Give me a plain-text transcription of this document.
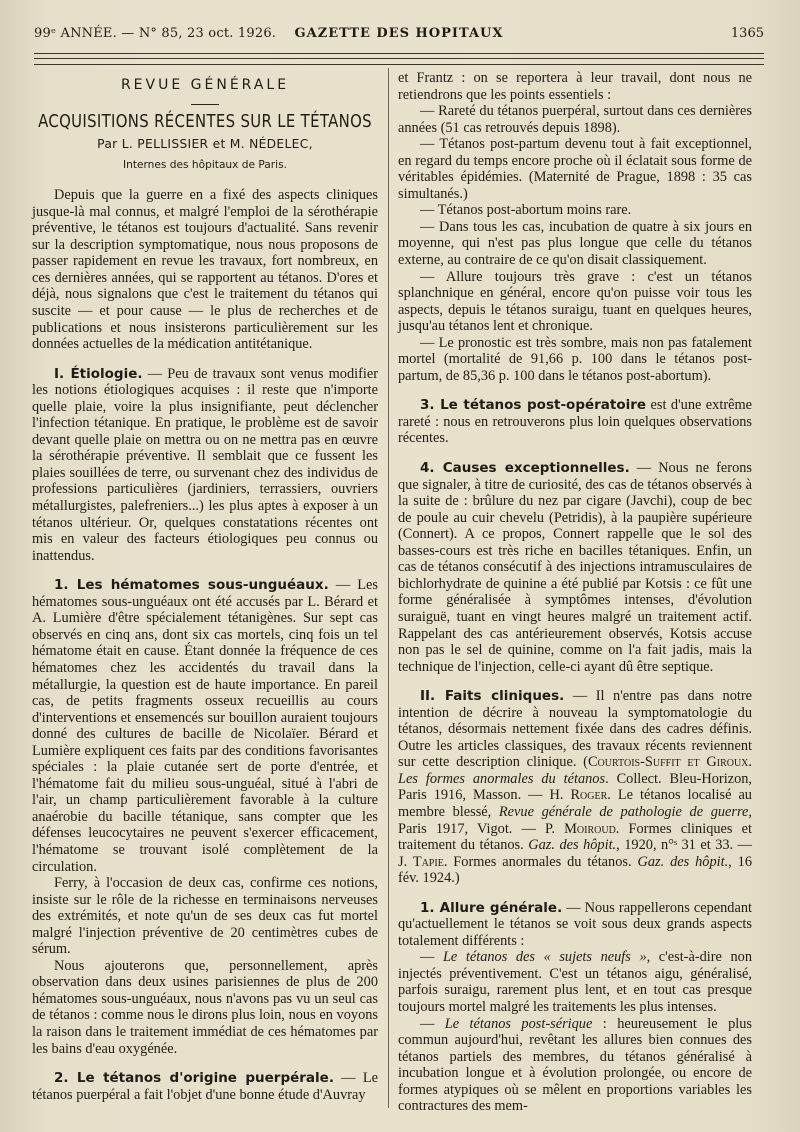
99ᵉ ANNÉE. — N° 85, 23 oct. 1926.	GAZETTE DES HOPITAUX	1365
REVUE GÉNÉRALE
ACQUISITIONS RÉCENTES SUR LE TÉTANOS
Par L. PELLISSIER et M. NÉDELEC,
Internes des hôpitaux de Paris.

Depuis que la guerre en a fixé des aspects cliniques jusque-là mal connus, et malgré l'emploi de la sérothérapie préventive, le tétanos est toujours d'actualité. Sans revenir sur la description symptomatique, nous nous proposons de passer rapidement en revue les travaux, fort nombreux, en ces dernières années, qui se rapportent au tétanos. D'ores et déjà, nous signalons que c'est le traitement du tétanos qui suscite — et pour cause — le plus de recherches et de publications et nous insisterons particulièrement sur les données actuelles de la médication antitétanique.

I. Étiologie. — Peu de travaux sont venus modifier les notions étiologiques acquises : il reste que n'importe quelle plaie, voire la plus insignifiante, peut déclencher l'infection tétanique. En pratique, le problème est de savoir devant quelle plaie on mettra ou on ne mettra pas en œuvre la sérothérapie préventive. Il semblait que ce fussent les plaies souillées de terre, ou survenant chez des individus de professions particulières (jardiniers, terrassiers, ouvriers métallurgistes, palefreniers...) les plus aptes à exposer à un tétanos ultérieur. Or, quelques constatations récentes ont mis en valeur des facteurs étiologiques peu connus ou inattendus.

1. Les hématomes sous-unguéaux. — Les hématomes sous-unguéaux ont été accusés par L. Bérard et A. Lumière d'être spécialement tétanigènes. Sur sept cas observés en cinq ans, dont six cas mortels, cinq fois un tel hématome était en cause. Étant donnée la fréquence de ces hématomes chez les accidentés du travail dans la métallurgie, la question est de haute importance. En pareil cas, de petits fragments osseux recueillis au cours d'interventions et ensemencés sur bouillon auraient toujours donné des cultures de bacille de Nicolaïer. Bérard et Lumière expliquent ces faits par des conditions favorisantes spéciales : la plaie cutanée sert de porte d'entrée, et l'hématome fait du milieu sous-unguéal, situé à l'abri de l'air, un champ particulièrement favorable à la culture anaérobie du bacille tétanique, sans compter que les défenses leucocytaires ne peuvent s'exercer efficacement, l'hématome se trouvant isolé complètement de la circulation.

Ferry, à l'occasion de deux cas, confirme ces notions, insiste sur le rôle de la richesse en terminaisons nerveuses des extrémités, et note qu'un de ses deux cas fut mortel malgré l'injection préventive de 20 centimètres cubes de sérum.

Nous ajouterons que, personnellement, après observation dans deux usines parisiennes de plus de 200 hématomes sous-unguéaux, nous n'avons pas vu un seul cas de tétanos : comme nous le dirons plus loin, nous en voyons la raison dans le traitement immédiat de ces hématomes par les bains d'eau oxygénée.

2. Le tétanos d'origine puerpérale. — Le tétanos puerpéral a fait l'objet d'une bonne étude d'Auvray

et Frantz : on se reportera à leur travail, dont nous ne retiendrons que les points essentiels :

— Rareté du tétanos puerpéral, surtout dans ces dernières années (51 cas retrouvés depuis 1898).

— Tétanos post-partum devenu tout à fait exceptionnel, en regard du temps encore proche où il éclatait sous forme de véritables épidémies. (Maternité de Prague, 1898 : 35 cas simultanés.)

— Tétanos post-abortum moins rare.

— Dans tous les cas, incubation de quatre à six jours en moyenne, qui n'est pas plus longue que celle du tétanos externe, au contraire de ce qu'on disait classiquement.

— Allure toujours très grave : c'est un tétanos splanchnique en général, encore qu'on puisse voir tous les aspects, depuis le tétanos suraigu, tuant en quelques heures, jusqu'au tétanos lent et chronique.

— Le pronostic est très sombre, mais non pas fatalement mortel (mortalité de 91,66 p. 100 dans le tétanos post-partum, de 85,36 p. 100 dans le tétanos post-abortum).

3. Le tétanos post-opératoire est d'une extrême rareté : nous en retrouverons plus loin quelques observations récentes.

4. Causes exceptionnelles. — Nous ne ferons que signaler, à titre de curiosité, des cas de tétanos observés à la suite de : brûlure du nez par cigare (Javchi), coup de bec de poule au cuir chevelu (Petridis), à la paupière supérieure (Connert). A ce propos, Connert rappelle que le sol des basses-cours est très riche en bacilles tétaniques. Enfin, un cas de tétanos consécutif à des injections intramusculaires de bichlorhydrate de quinine a été publié par Kotsis : ce fût une forme généralisée à symptômes intenses, d'évolution suraiguë, tuant en vingt heures malgré un traitement actif. Rappelant des cas antérieurement observés, Kotsis accuse non pas le sel de quinine, comme on l'a fait jadis, mais la technique de l'injection, celle-ci ayant dû être septique.

II. Faits cliniques. — Il n'entre pas dans notre intention de décrire à nouveau la symptomatologie du tétanos, désormais nettement fixée dans des cadres définis. Outre les articles classiques, des travaux récents reviennent sur cette description clinique. (Courtois-Suffit et Giroux. Les formes anormales du tétanos. Collect. Bleu-Horizon, Paris 1916, Masson. — H. Roger. Le tétanos localisé au membre blessé, Revue générale de pathologie de guerre, Paris 1917, Vigot. — P. Moiroud. Formes cliniques et traitement du tétanos. Gaz. des hôpit., 1920, n°ˢ 31 et 33. — J. Tapie. Formes anormales du tétanos. Gaz. des hôpit., 16 fév. 1924.)

1. Allure générale. — Nous rappellerons cependant qu'actuellement le tétanos se voit sous deux grands aspects totalement différents :

— Le tétanos des « sujets neufs », c'est-à-dire non injectés préventivement. C'est un tétanos aigu, généralisé, parfois suraigu, rarement plus lent, et en tout cas presque toujours mortel malgré les traitements les plus intenses.

— Le tétanos post-sérique : heureusement le plus commun aujourd'hui, revêtant les allures bien connues des tétanos partiels des membres, du tétanos généralisé à incubation longue et à évolution prolongée, ou encore de formes atypiques où se mêlent en proportions variables les contractures des mem-
